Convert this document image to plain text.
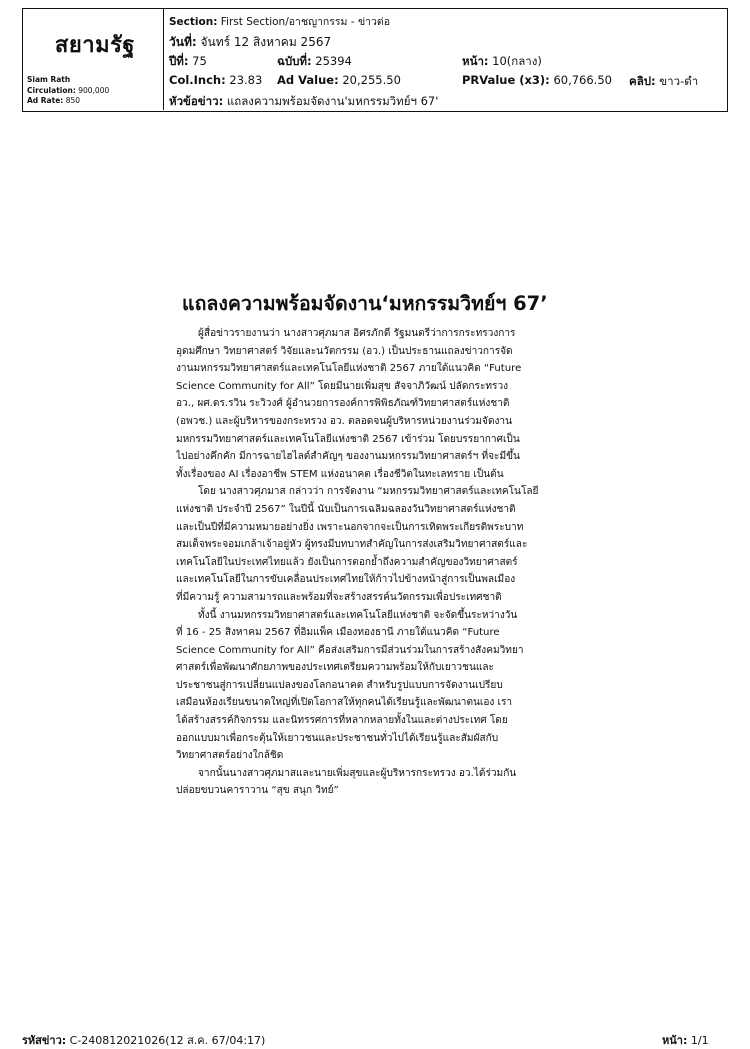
สยามรัฐ
Siam Rath
Circulation: 900,000
Ad Rate: 850
Section: First Section/อาชญากรรม - ข่าวต่อ
วันที่: จันทร์ 12 สิงหาคม 2567
ปีที่: 75	ฉบับที่: 25394	หน้า: 10(กลาง)
Col.Inch: 23.83 Ad Value: 20,255.50	PRValue (x3): 60,766.50 คลิป: ขาว-ดำ
หัวข้อข่าว: แถลงความพร้อมจัดงาน'มหกรรมวิทย์ฯ 67'
แถลงความพร้อมจัดงาน‘มหกรรมวิทย์ฯ 67’
ผู้สื่อข่าวรายงานว่า นางสาวศุภมาส อิศรภักดี รัฐมนตรีว่าการกระทรวงการ
อุดมศึกษา วิทยาศาสตร์ วิจัยและนวัตกรรม (อว.) เป็นประธานแถลงข่าวการจัด
งานมหกรรมวิทยาศาสตร์และเทคโนโลยีแห่งชาติ 2567 ภายใต้แนวคิด “Future
Science Community for All” โดยมีนายเพิ่มสุข สัจจาภิวัฒน์ ปลัดกระทรวง
อว., ผศ.ดร.รวิน ระวิวงศ์ ผู้อำนวยการองค์การพิพิธภัณฑ์วิทยาศาสตร์แห่งชาติ
(อพวช.) และผู้บริหารของกระทรวง อว. ตลอดจนผู้บริหารหน่วยงานร่วมจัดงาน
มหกรรมวิทยาศาสตร์และเทคโนโลยีแห่งชาติ 2567 เข้าร่วม โดยบรรยากาศเป็น
ไปอย่างคึกคัก มีการฉายไฮไลต์สำคัญๆ ของงานมหกรรมวิทยาศาสตร์ฯ ที่จะมีขึ้น
ทั้งเรื่องของ AI เรื่องอาชีพ STEM แห่งอนาคต เรื่องชีวิตในทะเลทราย เป็นต้น
โดย นางสาวศุภมาส กล่าวว่า การจัดงาน “มหกรรมวิทยาศาสตร์และเทคโนโลยี
แห่งชาติ ประจำปี 2567” ในปีนี้ นับเป็นการเฉลิมฉลองวันวิทยาศาสตร์แห่งชาติ
และเป็นปีที่มีความหมายอย่างยิ่ง เพราะนอกจากจะเป็นการเทิดพระเกียรติพระบาท
สมเด็จพระจอมเกล้าเจ้าอยู่หัว ผู้ทรงมีบทบาทสำคัญในการส่งเสริมวิทยาศาสตร์และ
เทคโนโลยีในประเทศไทยแล้ว ยังเป็นการตอกย้ำถึงความสำคัญของวิทยาศาสตร์
และเทคโนโลยีในการขับเคลื่อนประเทศไทยให้ก้าวไปข้างหน้าสู่การเป็นพลเมือง
ที่มีความรู้ ความสามารถและพร้อมที่จะสร้างสรรค์นวัตกรรมเพื่อประเทศชาติ
ทั้งนี้ งานมหกรรมวิทยาศาสตร์และเทคโนโลยีแห่งชาติ จะจัดขึ้นระหว่างวัน
ที่ 16 - 25 สิงหาคม 2567 ที่อิมแพ็ค เมืองทองธานี ภายใต้แนวคิด “Future
Science Community for All” คือส่งเสริมการมีส่วนร่วมในการสร้างสังคมวิทยา
ศาสตร์เพื่อพัฒนาศักยภาพของประเทศเตรียมความพร้อมให้กับเยาวชนและ
ประชาชนสู่การเปลี่ยนแปลงของโลกอนาคต สำหรับรูปแบบการจัดงานเปรียบ
เสมือนห้องเรียนขนาดใหญ่ที่เปิดโอกาสให้ทุกคนได้เรียนรู้และพัฒนาตนเอง เรา
ได้สร้างสรรค์กิจกรรม และนิทรรศการที่หลากหลายทั้งในและต่างประเทศ โดย
ออกแบบมาเพื่อกระตุ้นให้เยาวชนและประชาชนทั่วไปได้เรียนรู้และสัมผัสกับ
วิทยาศาสตร์อย่างใกล้ชิด
จากนั้นนางสาวศุภมาสและนายเพิ่มสุขและผู้บริหารกระทรวง อว.ได้ร่วมกัน
ปล่อยขบวนคาราวาน “สุข สนุก วิทย์”
รหัสข่าว: C-240812021026(12 ส.ค. 67/04:17)	หน้า: 1/1
